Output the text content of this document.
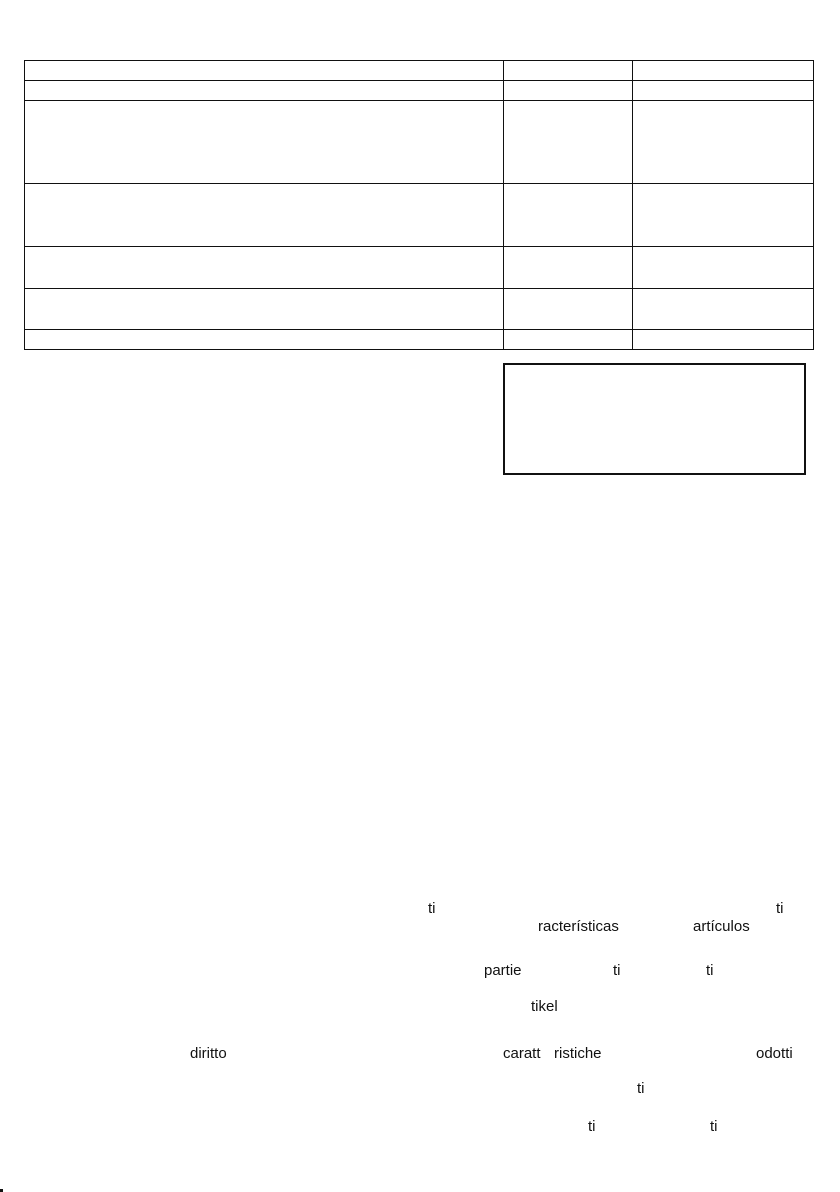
ti	ti
racterísticas	artículos
partie	ti	ti
tikel
diritto	caratt ristiche	odotti
ti
ti	ti
